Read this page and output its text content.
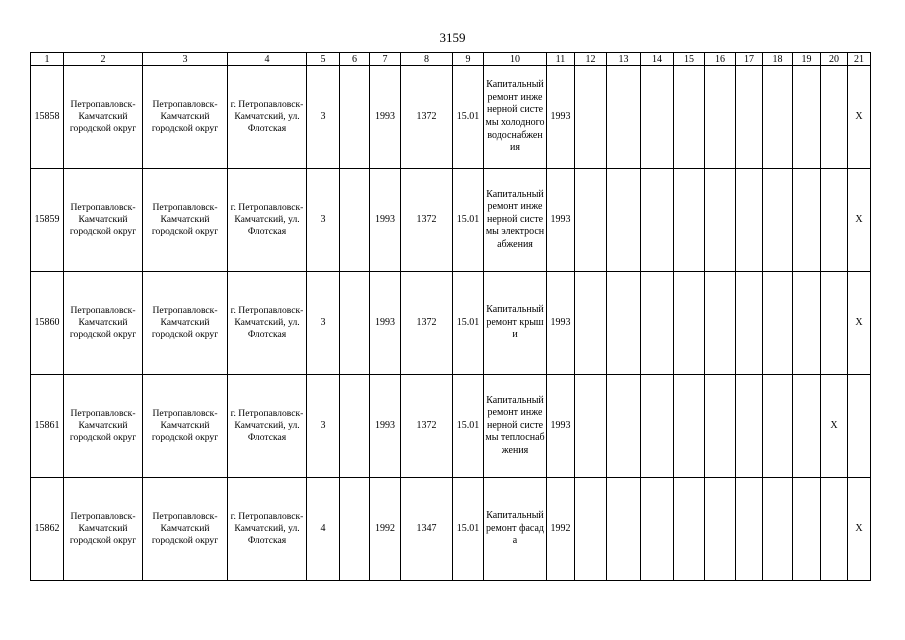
3159
1	2	3	4	5	6	7	8	9	10	11	12	13	14	15	16	17	18	19	20	21
15858	Петропавловск-Камчатский городской округ	Петропавловск-Камчатский городской округ	г. Петропавловск-Камчатский, ул. Флотская	3		1993	1372	15.01	Капитальный ремонт инженерной системы холодного водоснабжения	1993										X
15859	Петропавловск-Камчатский городской округ	Петропавловск-Камчатский городской округ	г. Петропавловск-Камчатский, ул. Флотская	3		1993	1372	15.01	Капитальный ремонт инженерной системы электроснабжения	1993										X
15860	Петропавловск-Камчатский городской округ	Петропавловск-Камчатский городской округ	г. Петропавловск-Камчатский, ул. Флотская	3		1993	1372	15.01	Капитальный ремонт крыши	1993										X
15861	Петропавловск-Камчатский городской округ	Петропавловск-Камчатский городской округ	г. Петропавловск-Камчатский, ул. Флотская	3		1993	1372	15.01	Капитальный ремонт инженерной системы теплоснабжения	1993									X	
15862	Петропавловск-Камчатский городской округ	Петропавловск-Камчатский городской округ	г. Петропавловск-Камчатский, ул. Флотская	4		1992	1347	15.01	Капитальный ремонт фасада	1992										X
